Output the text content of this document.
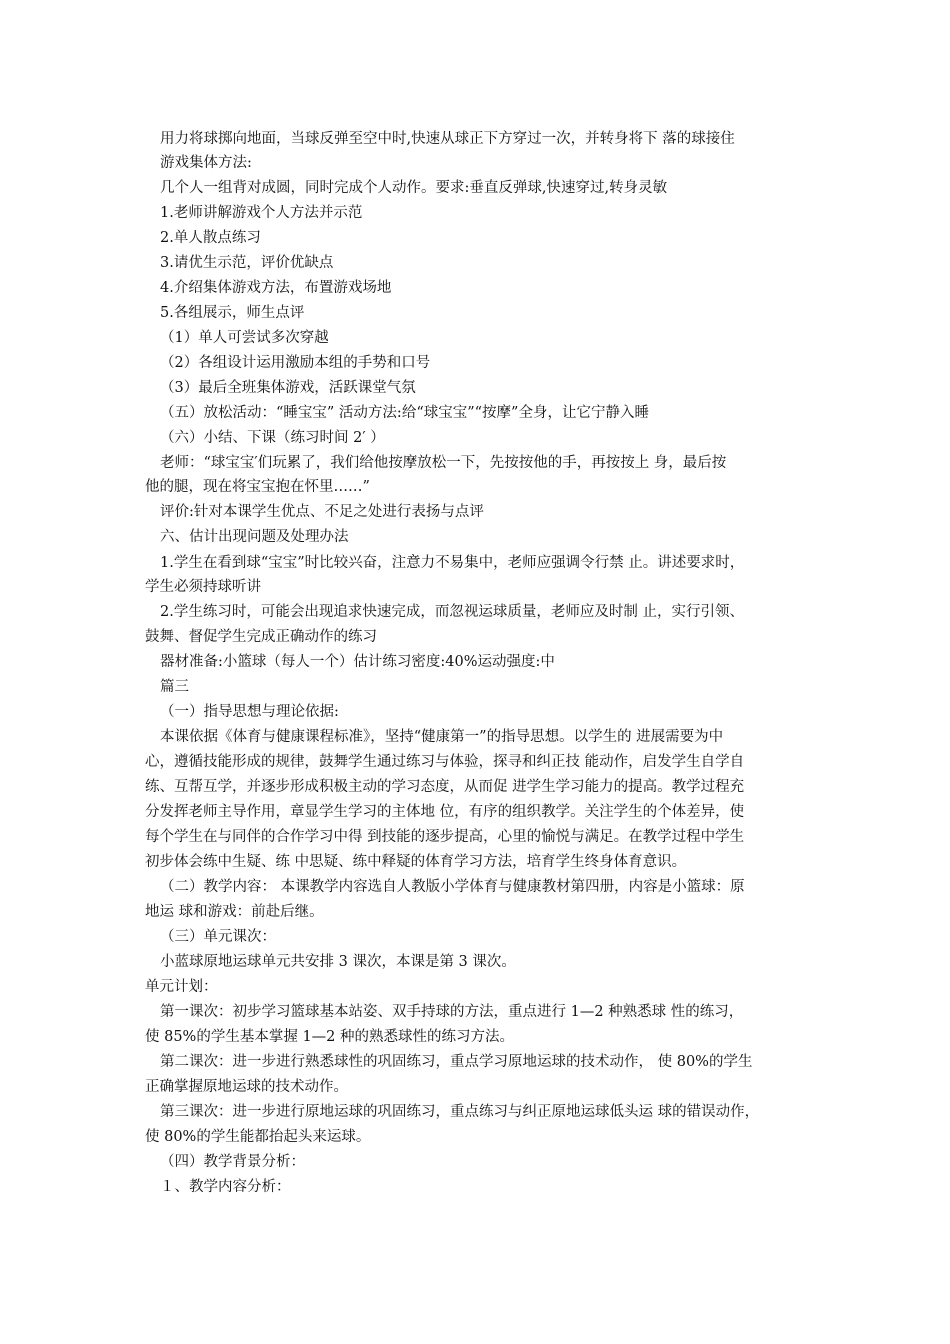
用力将球掷向地面，当球反弹至空中时,快速从球正下方穿过一次，并转身将下 落的球接住
游戏集体方法:
几个人一组背对成圆，同时完成个人动作。要求:垂直反弹球,快速穿过,转身灵敏
1.老师讲解游戏个人方法并示范
2.单人散点练习
3.请优生示范，评价优缺点
4.介绍集体游戏方法，布置游戏场地
5.各组展示，师生点评
（1）单人可尝试多次穿越
（2）各组设计运用激励本组的手势和口号
（3）最后全班集体游戏，活跃课堂气氛
（五）放松活动：“睡宝宝” 活动方法:给“球宝宝”“按摩”全身，让它宁静入睡
（六）小结、下课（练习时间 2′ ）
老师：“球宝宝′们玩累了，我们给他按摩放松一下，先按按他的手，再按按上 身，最后按
他的腿，现在将宝宝抱在怀里……”
评价:针对本课学生优点、不足之处进行表扬与点评
六、估计出现问题及处理办法
1.学生在看到球“宝宝”时比较兴奋，注意力不易集中，老师应强调令行禁 止。讲述要求时，
学生必须持球听讲
2.学生练习时，可能会出现追求快速完成，而忽视运球质量，老师应及时制 止，实行引领、
鼓舞、督促学生完成正确动作的练习
器材准备:小篮球（每人一个）估计练习密度:40%运动强度:中
篇三
（一）指导思想与理论依据:
本课依据《体育与健康课程标准》，坚持“健康第一”的指导思想。以学生的 进展需要为中
心，遵循技能形成的规律，鼓舞学生通过练习与体验，探寻和纠正技 能动作，启发学生自学自
练、互帮互学，并逐步形成积极主动的学习态度，从而促 进学生学习能力的提高。教学过程充
分发挥老师主导作用，章显学生学习的主体地 位，有序的组织教学。关注学生的个体差异，使
每个学生在与同伴的合作学习中得 到技能的逐步提高，心里的愉悦与满足。在教学过程中学生
初步体会练中生疑、练 中思疑、练中释疑的体育学习方法，培育学生终身体育意识。
（二）教学内容： 本课教学内容选自人教版小学体育与健康教材第四册，内容是小篮球：原
地运 球和游戏：前赴后继。
（三）单元课次：
小蓝球原地运球单元共安排 3 课次，本课是第 3 课次。
单元计划：
第一课次：初步学习篮球基本站姿、双手持球的方法，重点进行 1—2 种熟悉球 性的练习，
使 85%的学生基本掌握 1—2 种的熟悉球性的练习方法。
第二课次：进一步进行熟悉球性的巩固练习，重点学习原地运球的技术动作， 使 80%的学生
正确掌握原地运球的技术动作。
第三课次：进一步进行原地运球的巩固练习，重点练习与纠正原地运球低头运 球的错误动作，
使 80%的学生能都抬起头来运球。
（四）教学背景分析：
１、教学内容分析：
